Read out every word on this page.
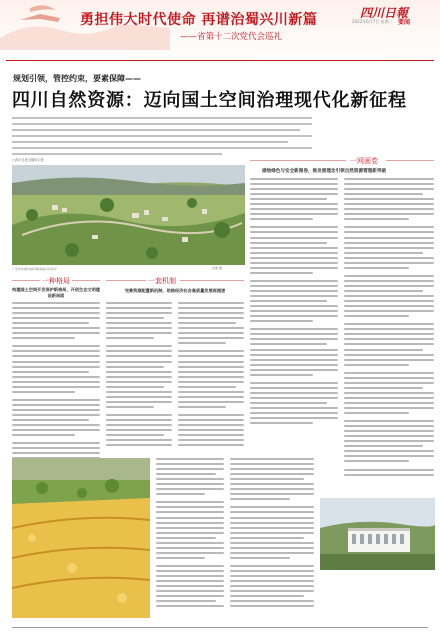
勇担伟大时代使命 再谱治蜀兴川新篇
——省第十二次党代会巡礼
四川日報
2022年6月7日 星期二 要闻
规划引领，管控约束，要素保障——
四川自然资源：迈向国土空间治理现代化新征程
□四川日报全媒体记者
广安市华蓥市禄市镇美丽乡村风光	吴楠 摄
一网画卷
描绘绿色与安全新图卷，推发展理念引领自然资源管理新突破
一种格局
构建国土空间开发保护新格局，开创生态文明建设新局面
一套机制
完善资源配置新机制，助推经济社会高质量发展再提速
